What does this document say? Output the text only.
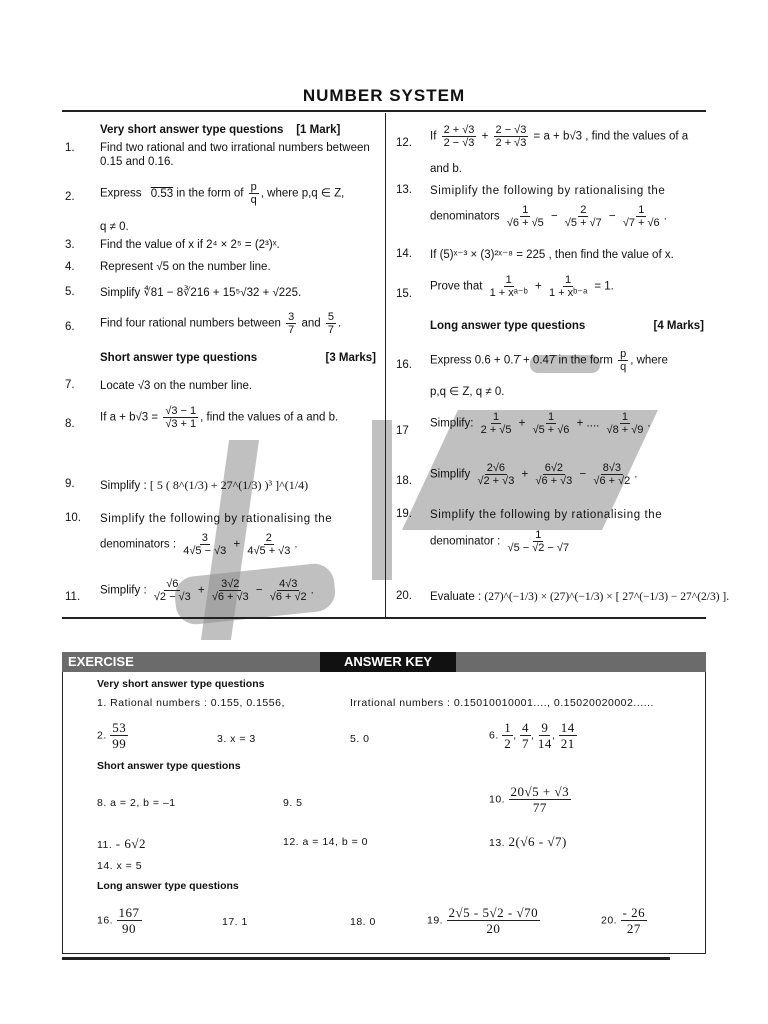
NUMBER SYSTEM
Very short answer type questions [1 Mark]
1. Find two rational and two irrational numbers between 0.15 and 0.16.
2. Express 0.53 in the form of $\frac{p}{q}$ , where p,q ∈ Z,
q ≠ 0.
3. Find the value of x if 2⁴ × 2⁵ = (2³)ˣ.
4. Represent √5 on the number line.
5. Simplify ∜81 − 8∛216 + 15⁵√32 + √225.
6. Find four rational numbers between $\frac{3}{7}$ and $\frac{5}{7}$ .
Short answer type questions	[3 Marks]
7. Locate √3 on the number line.
8.
If $a + b√3 = \frac{√3 - 1}{√3 + 1}$ , find the values of a and b.
9. Simplify : [ 5 ( 8^(1/3) + 27^(1/3) )³ ]^(1/4)
10. Simplify the following by rationalising the
denominators : $\frac{3}{4√5 - √3} + \frac{2}{4√5 + √3}$ .
11.
Simplify : $\frac{√6}{√2 - √3} + \frac{3√2}{√6 + √3} - \frac{4√3}{√6 + √2}$ .
12.
If $\frac{2 + √3}{2 - √3} + \frac{2 - √3}{2 + √3} = a + b√3$ , find the values of a
and b.
13. Simiplify the following by rationalising the
denominators $\frac{1}{√6 + √5} - \frac{2}{√5 + √7} - \frac{1}{√7 + √6}$ .
14. If (5)ˣ⁻³ × (3)²ˣ⁻⁸ = 225 , then find the value of x.
15.
Prove that $\frac{1}{\text{1 + xᵃ⁻ᵇ}} + \frac{1}{\text{1 + xᵇ⁻ᵃ}} = 1$.
Long answer type questions	[4 Marks]
16. Express 0.6 + 0.7̄ + 0.47̄ in the form $\frac{p}{q}$ , where
p,q ∈ Z, q ≠ 0.
17
Simplify: $\frac{1}{2 + √5} + \frac{1}{√5 + √6}$ + .... $\frac{1}{√8 + √9}$ .
18.
Simplify $\frac{2√6}{√2 + √3} + \frac{6√2}{√6 + √3} - \frac{8√3}{√6 + √2}$ .
19. Simplify the following by rationalising the
denominator : $\frac{1}{√5 - √2 - √7}$
20. Evaluate : (27)^(−1/3) × (27)^(−1/3) × [ 27^(−1/3) − 27^(2/3) ].
EXERCISE	ANSWER KEY
Very short answer type questions
1. Rational numbers : 0.155, 0.1556,	Irrational numbers : 0.15010010001...., 0.15020020002......
2. $\frac{53}{99}$	3. x = 3	5. 0	6. $\frac{1}{2}$ , $\frac{4}{7}$ , $\frac{9}{14}$ , $\frac{14}{21}$
Short answer type questions
8. a = 2, b = –1	9. 5	10. $\frac{20√5 + √3}{77}$
11. - 6√2	12. a = 14, b = 0	13. 2(√6 - √7)
14. x = 5
Long answer type questions
16. $\frac{167}{90}$	17. 1	18. 0	19. $\frac{2√5 - 5√2 - √70}{20}$	20. $\frac{- 26}{27}$
